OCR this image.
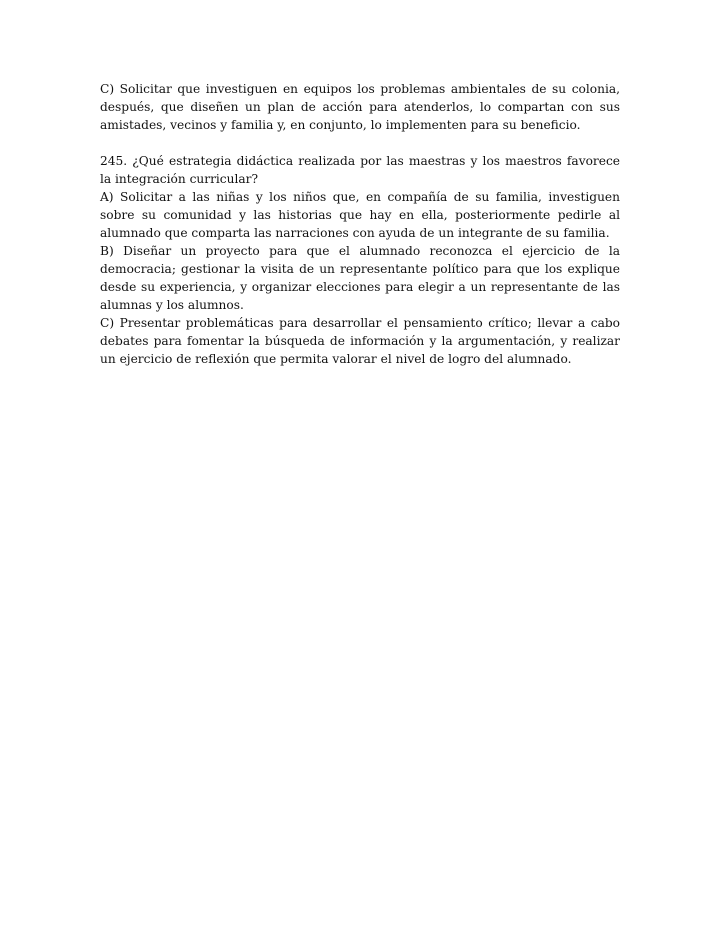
C) Solicitar que investiguen en equipos los problemas ambientales de su colonia, después, que diseñen un plan de acción para atenderlos, lo compartan con sus amistades, vecinos y familia y, en conjunto, lo implementen para su beneficio.

245. ¿Qué estrategia didáctica realizada por las maestras y los maestros favorece la integración curricular?

A) Solicitar a las niñas y los niños que, en compañía de su familia, investiguen sobre su comunidad y las historias que hay en ella, posteriormente pedirle al alumnado que comparta las narraciones con ayuda de un integrante de su familia.

B) Diseñar un proyecto para que el alumnado reconozca el ejercicio de la democracia; gestionar la visita de un representante político para que los explique desde su experiencia, y organizar elecciones para elegir a un representante de las alumnas y los alumnos.

C) Presentar problemáticas para desarrollar el pensamiento crítico; llevar a cabo debates para fomentar la búsqueda de información y la argumentación, y realizar un ejercicio de reflexión que permita valorar el nivel de logro del alumnado.
